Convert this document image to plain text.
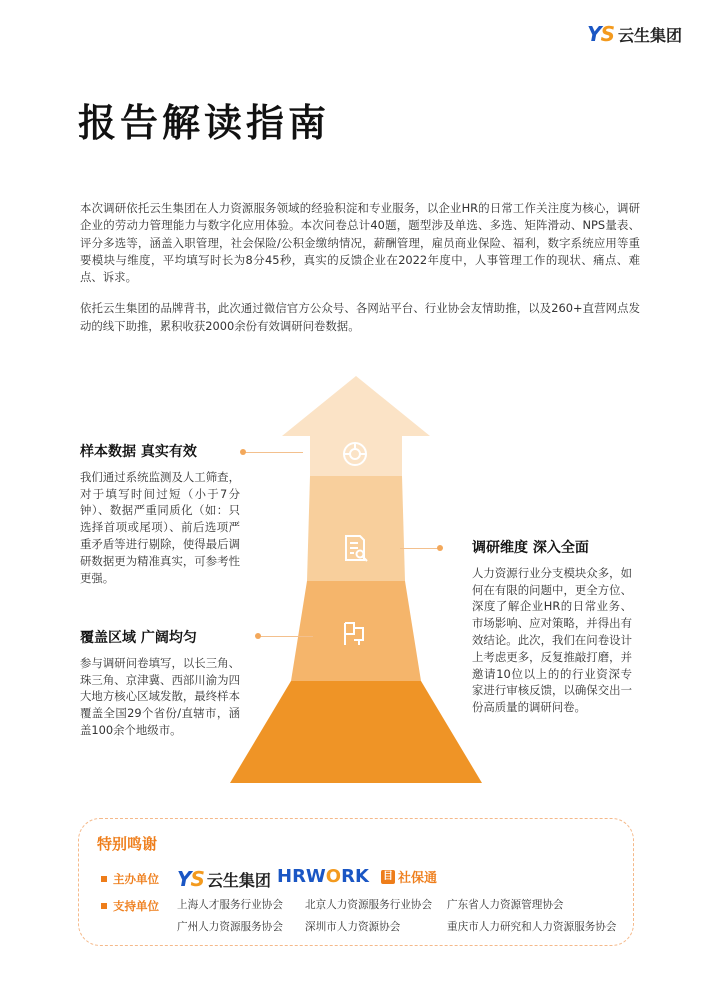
YS 云生集团
报告解读指南

本次调研依托云生集团在人力资源服务领域的经验积淀和专业服务，以企业HR的日常工作关注度为核心，调研企业的劳动力管理能力与数字化应用体验。本次问卷总计40题，题型涉及单选、多选、矩阵滑动、NPS量表、评分多选等，涵盖入职管理，社会保险/公积金缴纳情况，薪酬管理，雇员商业保险、福利，数字系统应用等重要模块与维度，平均填写时长为8分45秒，真实的反馈企业在2022年度中，人事管理工作的现状、痛点、难点、诉求。

依托云生集团的品牌背书，此次通过微信官方公众号、各网站平台、行业协会友情助推，以及260+直营网点发动的线下助推，累积收获2000余份有效调研问卷数据。

样本数据 真实有效

我们通过系统监测及人工筛查，对于填写时间过短（小于7分钟）、数据严重同质化（如：只选择首项或尾项）、前后选项严重矛盾等进行剔除，使得最后调研数据更为精准真实，可参考性更强。

覆盖区域 广阔均匀

参与调研问卷填写，以长三角、珠三角、京津冀、西部川渝为四大地方核心区域发散，最终样本覆盖全国29个省份/直辖市，涵盖100余个地级市。

调研维度 深入全面

人力资源行业分支模块众多，如何在有限的问题中，更全方位、深度了解企业HR的日常业务、市场影响、应对策略，并得出有效结论。此次，我们在问卷设计上考虑更多，反复推敲打磨，并邀请10位以上的的行业资深专家进行审核反馈，以确保交出一份高质量的调研问卷。

特别鸣谢
主办单位 YS 云生集团 HRW O RK 目 社保通
支持单位 上海人才服务行业协会 北京人力资源服务行业协会 广东省人力资源管理协会
广州人力资源服务协会 深圳市人力资源协会	重庆市人力研究和人力资源服务协会
